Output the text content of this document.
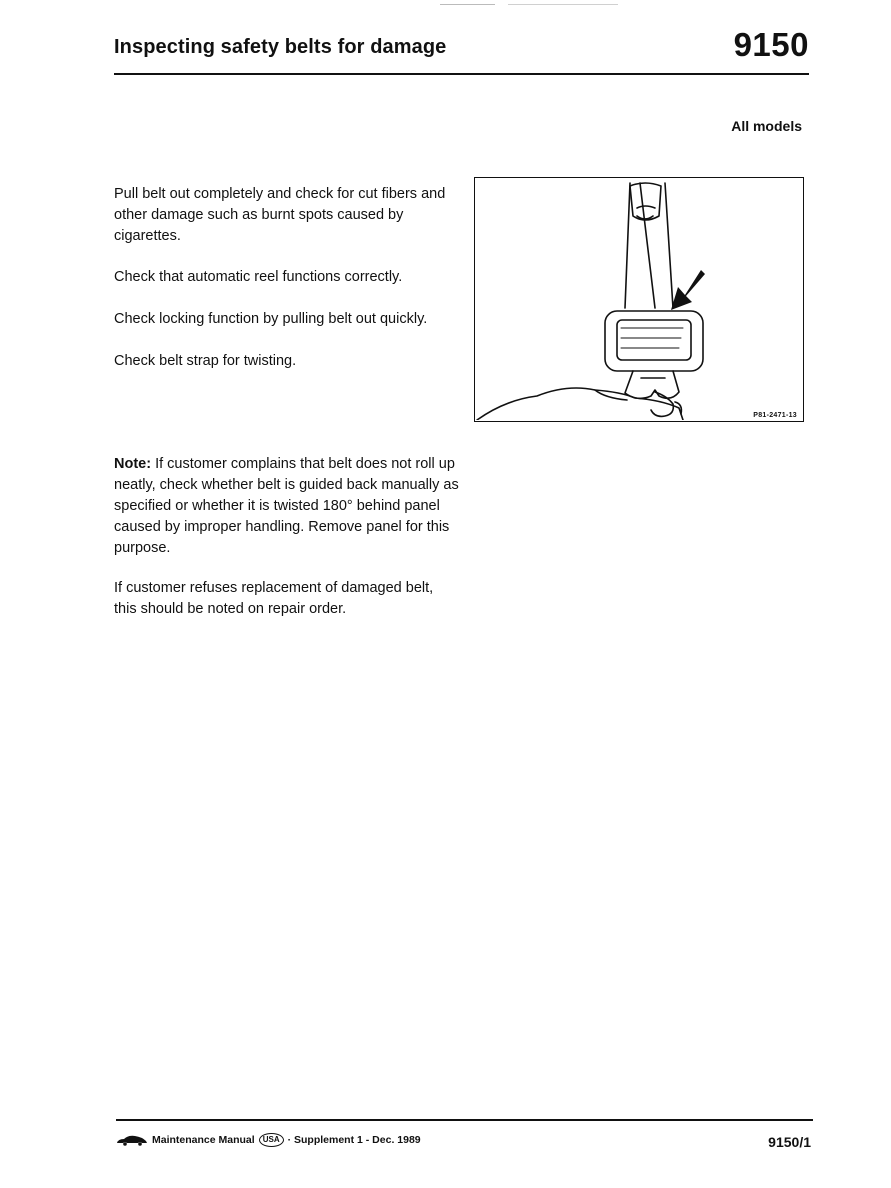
Inspecting safety belts for damage	9150
All models
Pull belt out completely and check for cut fibers and other damage such as burnt spots caused by cigarettes.
Check that automatic reel functions correctly.
Check locking function by pulling belt out quickly.
Check belt strap for twisting.
Note: If customer complains that belt does not roll up neatly, check whether belt is guided back manually as specified or whether it is twisted 180° behind panel caused by improper handling. Remove panel for this purpose.
If customer refuses replacement of damaged belt, this should be noted on repair order.
P81-2471-13
Maintenance Manual	USA · Supplement 1 - Dec. 1989	9150/1
